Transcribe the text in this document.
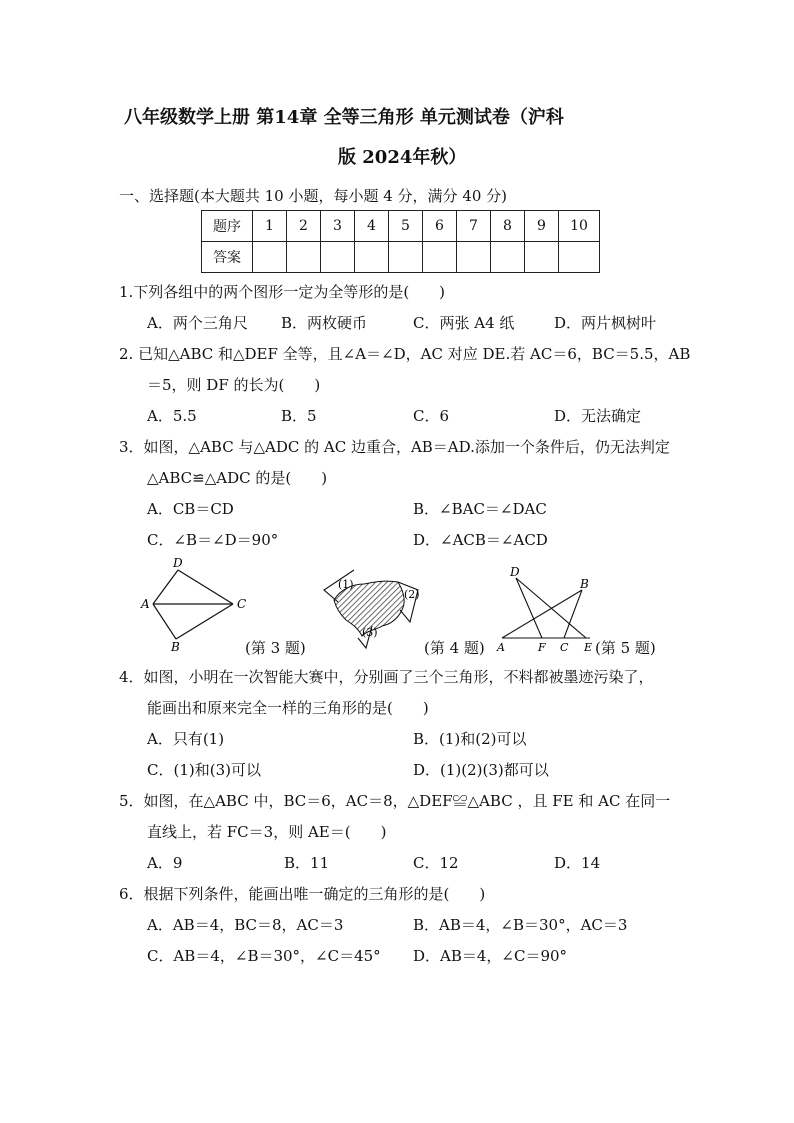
八年级数学上册 第14章 全等三角形 单元测试卷（沪科
版 2024年秋）
一、选择题(本大题共 10 小题，每小题 4 分，满分 40 分)
题序	1	2	3	4	5	6	7	8	9	10
答案										
1.下列各组中的两个图形一定为全等形的是(　　)
A．两个三角尺 B．两枚硬币	C．两张 A4 纸	D．两片枫树叶
2. 已知△ABC 和△DEF 全等，且∠A＝∠D，AC 对应 DE.若 AC＝6，BC＝5.5，AB
＝5，则 DF 的长为(　　)
A．5.5	B．5	C．6	D．无法确定
3．如图，△ABC 与△ADC 的 AC 边重合，AB＝AD.添加一个条件后，仍无法判定
△ABC≌△ADC 的是(　　)
A．CB＝CD	B．∠BAC＝∠DAC
C．∠B＝∠D＝90°	D．∠ACB＝∠ACD
D
A	C
B	(第 3 题)
(1)
(2)
(3)
(第 4 题)
D
B
A	F C E (第 5 题)
4．如图，小明在一次智能大赛中，分别画了三个三角形，不料都被墨迹污染了，
能画出和原来完全一样的三角形的是(　　)
A．只有(1)	B．(1)和(2)可以
C．(1)和(3)可以	D．(1)(2)(3)都可以
5．如图，在△ABC 中，BC＝6，AC＝8，△DEF≌△ABC ，且 FE 和 AC 在同一
直线上，若 FC＝3，则 AE＝(　　)
A．9	B．11	C．12	D．14
6．根据下列条件，能画出唯一确定的三角形的是(　　)
A．AB＝4，BC＝8，AC＝3	B．AB＝4，∠B＝30°，AC＝3
C．AB＝4，∠B＝30°，∠C＝45° D．AB＝4，∠C＝90°
